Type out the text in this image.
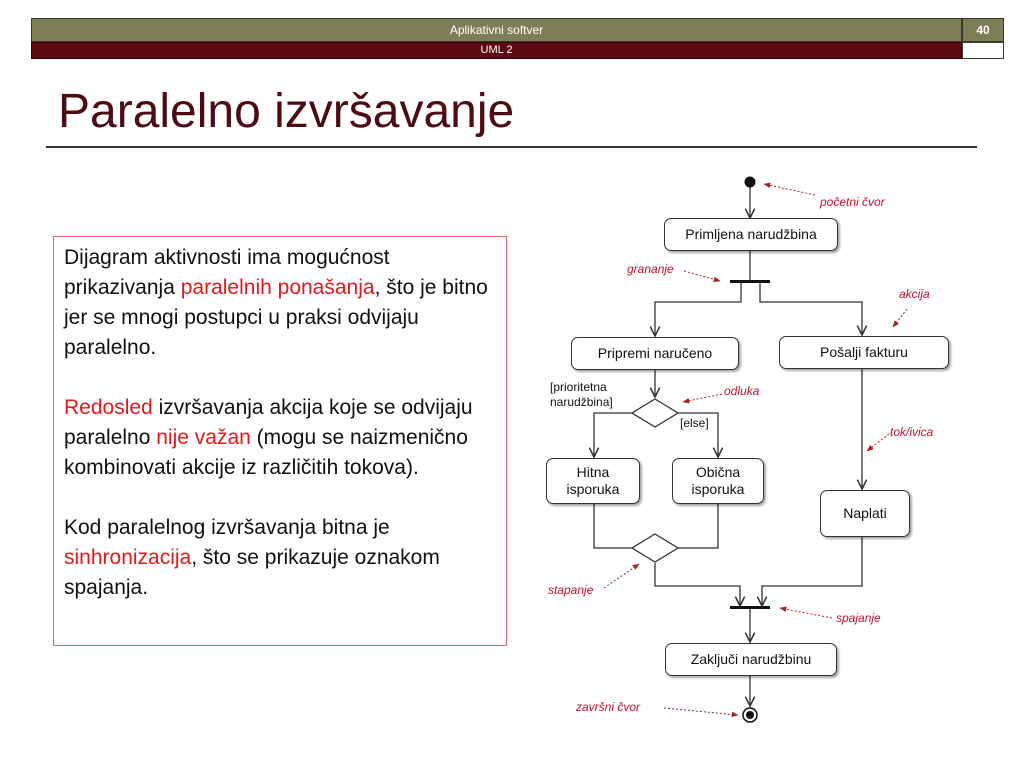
Aplikativni softver	40
UML 2
Paralelno izvršavanje

Dijagram aktivnosti ima mogućnost prikazivanja paralelnih ponašanja, što je bitno jer se mnogi postupci u praksi odvijaju paralelno.

Redosled izvršavanja akcija koje se odvijaju paralelno nije važan (mogu se naizmenično kombinovati akcije iz različitih tokova).

Kod paralelnog izvršavanja bitna je sinhronizacija, što se prikazuje oznakom spajanja.

Primljena narudžbina
Pripremi naručeno	Pošalji fakturu
Hitna
isporuka
Obična
isporuka
Naplati
Zaključi narudžbinu
[prioritetna
narudžbina]
[else]
početni čvor
grananje
akcija
odluka
tok/ivica
stapanje
spajanje
završni čvor
